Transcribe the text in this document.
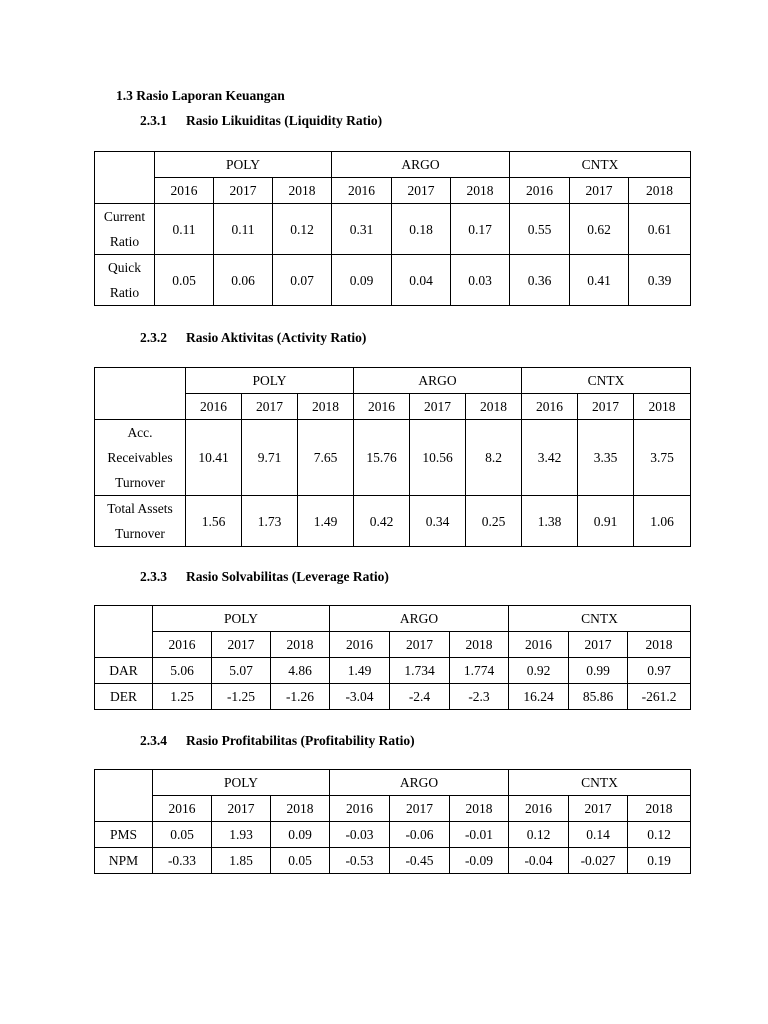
1.3 Rasio Laporan Keuangan
2.3.1 Rasio Likuiditas (Liquidity Ratio)
	POLY			ARGO			CNTX		
	2016	2017	2018	2016	2017	2018	2016	2017	2018
Current Ratio	0.11	0.11	0.12	0.31	0.18	0.17	0.55	0.62	0.61
Quick Ratio	0.05	0.06	0.07	0.09	0.04	0.03	0.36	0.41	0.39
2.3.2 Rasio Aktivitas (Activity Ratio)
	POLY			ARGO			CNTX		
	2016	2017	2018	2016	2017	2018	2016	2017	2018
Acc. Receivables Turnover	10.41	9.71	7.65	15.76	10.56	8.2	3.42	3.35	3.75
Total Assets Turnover	1.56	1.73	1.49	0.42	0.34	0.25	1.38	0.91	1.06
2.3.3 Rasio Solvabilitas (Leverage Ratio)
	POLY			ARGO			CNTX		
	2016	2017	2018	2016	2017	2018	2016	2017	2018
DAR	5.06	5.07	4.86	1.49	1.734	1.774	0.92	0.99	0.97
DER	1.25	-1.25	-1.26	-3.04	-2.4	-2.3	16.24	85.86	-261.2
2.3.4 Rasio Profitabilitas (Profitability Ratio)
	POLY			ARGO			CNTX		
	2016	2017	2018	2016	2017	2018	2016	2017	2018
PMS	0.05	1.93	0.09	-0.03	-0.06	-0.01	0.12	0.14	0.12
NPM	-0.33	1.85	0.05	-0.53	-0.45	-0.09	-0.04	-0.027	0.19
